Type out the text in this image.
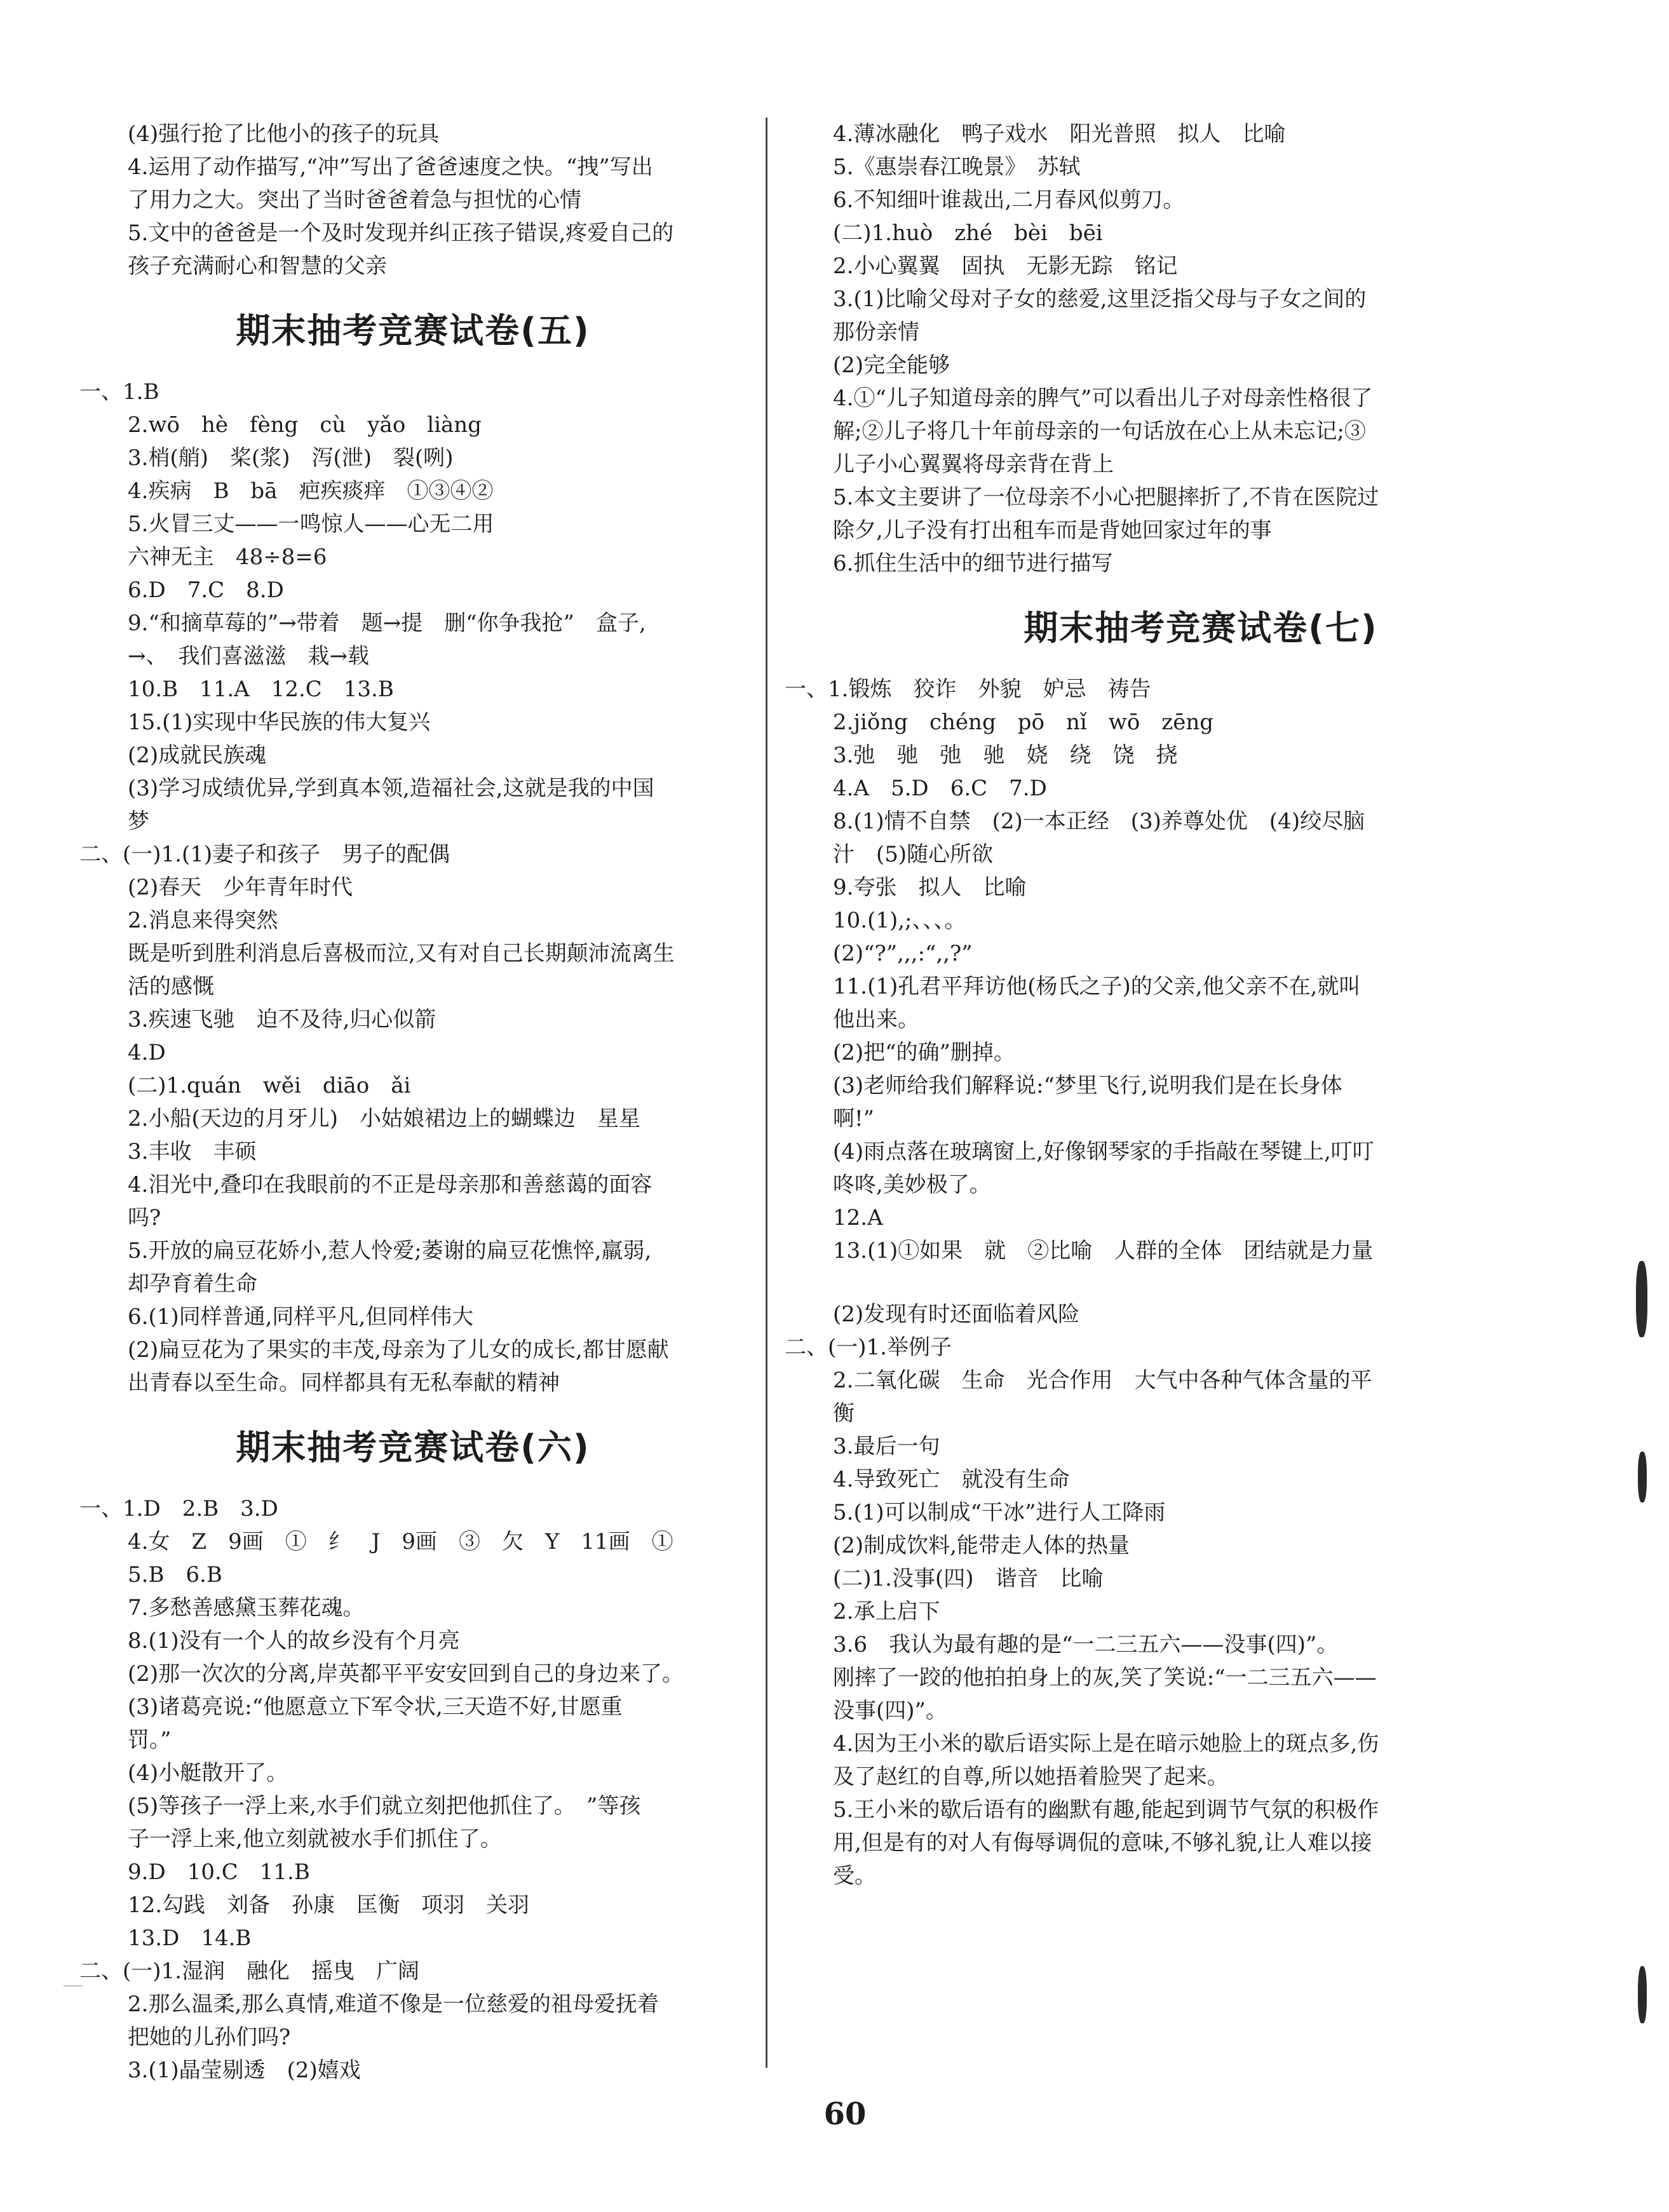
(4)强行抢了比他小的孩子的玩具
4.运用了动作描写,“冲”写出了爸爸速度之快。“拽”写出
了用力之大。突出了当时爸爸着急与担忧的心情
5.文中的爸爸是一个及时发现并纠正孩子错误,疼爱自己的
孩子充满耐心和智慧的父亲
期末抽考竞赛试卷(五)
一、1.B
2.wō　hè　fèng　cù　yǎo　liàng
3.梢(艄)　桨(浆)　泻(泄)　裂(咧)
4.疾病　B　bā　疤疾痰痒　①③④②
5.火冒三丈——一鸣惊人——心无二用
六神无主　48÷8=6
6.D　7.C　8.D
9.“和摘草莓的”→带着　题→提　删“你争我抢”　盒子,
→、　我们喜滋滋　栽→载
10.B　11.A　12.C　13.B
15.(1)实现中华民族的伟大复兴
(2)成就民族魂
(3)学习成绩优异,学到真本领,造福社会,这就是我的中国
梦
二、(一)1.(1)妻子和孩子　男子的配偶
(2)春天　少年青年时代
2.消息来得突然
既是听到胜利消息后喜极而泣,又有对自己长期颠沛流离生
活的感慨
3.疾速飞驰　迫不及待,归心似箭
4.D
(二)1.quán　wěi　diāo　ǎi
2.小船(天边的月牙儿)　小姑娘裙边上的蝴蝶边　星星
3.丰收　丰硕
4.泪光中,叠印在我眼前的不正是母亲那和善慈蔼的面容
吗?
5.开放的扁豆花娇小,惹人怜爱;萎谢的扁豆花憔悴,羸弱,
却孕育着生命
6.(1)同样普通,同样平凡,但同样伟大
(2)扁豆花为了果实的丰茂,母亲为了儿女的成长,都甘愿献
出青春以至生命。同样都具有无私奉献的精神
期末抽考竞赛试卷(六)
一、1.D　2.B　3.D
4.女　Z　9画　①　纟　J　9画　③　欠　Y　11画　①
5.B　6.B
7.多愁善感黛玉葬花魂。
8.(1)没有一个人的故乡没有个月亮
(2)那一次次的分离,岸英都平平安安回到自己的身边来了。
(3)诸葛亮说:“他愿意立下军令状,三天造不好,甘愿重
罚。”
(4)小艇散开了。
(5)等孩子一浮上来,水手们就立刻把他抓住了。　”等孩
子一浮上来,他立刻就被水手们抓住了。
9.D　10.C　11.B
12.勾践　刘备　孙康　匡衡　项羽　关羽
13.D　14.B
二、(一)1.湿润　融化　摇曳　广阔
2.那么温柔,那么真情,难道不像是一位慈爱的祖母爱抚着
把她的儿孙们吗?
3.(1)晶莹剔透　(2)嬉戏
4.薄冰融化　鸭子戏水　阳光普照　拟人　比喻
5.《惠崇春江晚景》　苏轼
6.不知细叶谁裁出,二月春风似剪刀。
(二)1.huò　zhé　bèi　bēi
2.小心翼翼　固执　无影无踪　铭记
3.(1)比喻父母对子女的慈爱,这里泛指父母与子女之间的
那份亲情
(2)完全能够
4.①“儿子知道母亲的脾气”可以看出儿子对母亲性格很了
解;②儿子将几十年前母亲的一句话放在心上从未忘记;③
儿子小心翼翼将母亲背在背上
5.本文主要讲了一位母亲不小心把腿摔折了,不肯在医院过
除夕,儿子没有打出租车而是背她回家过年的事
6.抓住生活中的细节进行描写
期末抽考竞赛试卷(七)
一、1.锻炼　狡诈　外貌　妒忌　祷告
2.jiǒng　chéng　pō　nǐ　wō　zēng
3.弛　驰　弛　驰　娆　绕　饶　挠
4.A　5.D　6.C　7.D
8.(1)情不自禁　(2)一本正经　(3)养尊处优　(4)绞尽脑
汁　(5)随心所欲
9.夸张　拟人　比喻
10.(1),;、、、。
(2)“?”,,,:“,,?”
11.(1)孔君平拜访他(杨氏之子)的父亲,他父亲不在,就叫
他出来。
(2)把“的确”删掉。
(3)老师给我们解释说:“梦里飞行,说明我们是在长身体
啊!”
(4)雨点落在玻璃窗上,好像钢琴家的手指敲在琴键上,叮叮
咚咚,美妙极了。
12.A
13.(1)①如果　就　②比喻　人群的全体　团结就是力量
(2)发现有时还面临着风险
二、(一)1.举例子
2.二氧化碳　生命　光合作用　大气中各种气体含量的平
衡
3.最后一句
4.导致死亡　就没有生命
5.(1)可以制成“干冰”进行人工降雨
(2)制成饮料,能带走人体的热量
(二)1.没事(四)　谐音　比喻
2.承上启下
3.6　我认为最有趣的是“一二三五六——没事(四)”。
刚摔了一跤的他拍拍身上的灰,笑了笑说:“一二三五六——
没事(四)”。
4.因为王小米的歇后语实际上是在暗示她脸上的斑点多,伤
及了赵红的自尊,所以她捂着脸哭了起来。
5.王小米的歇后语有的幽默有趣,能起到调节气氛的积极作
用,但是有的对人有侮辱调侃的意味,不够礼貌,让人难以接
受。
60
